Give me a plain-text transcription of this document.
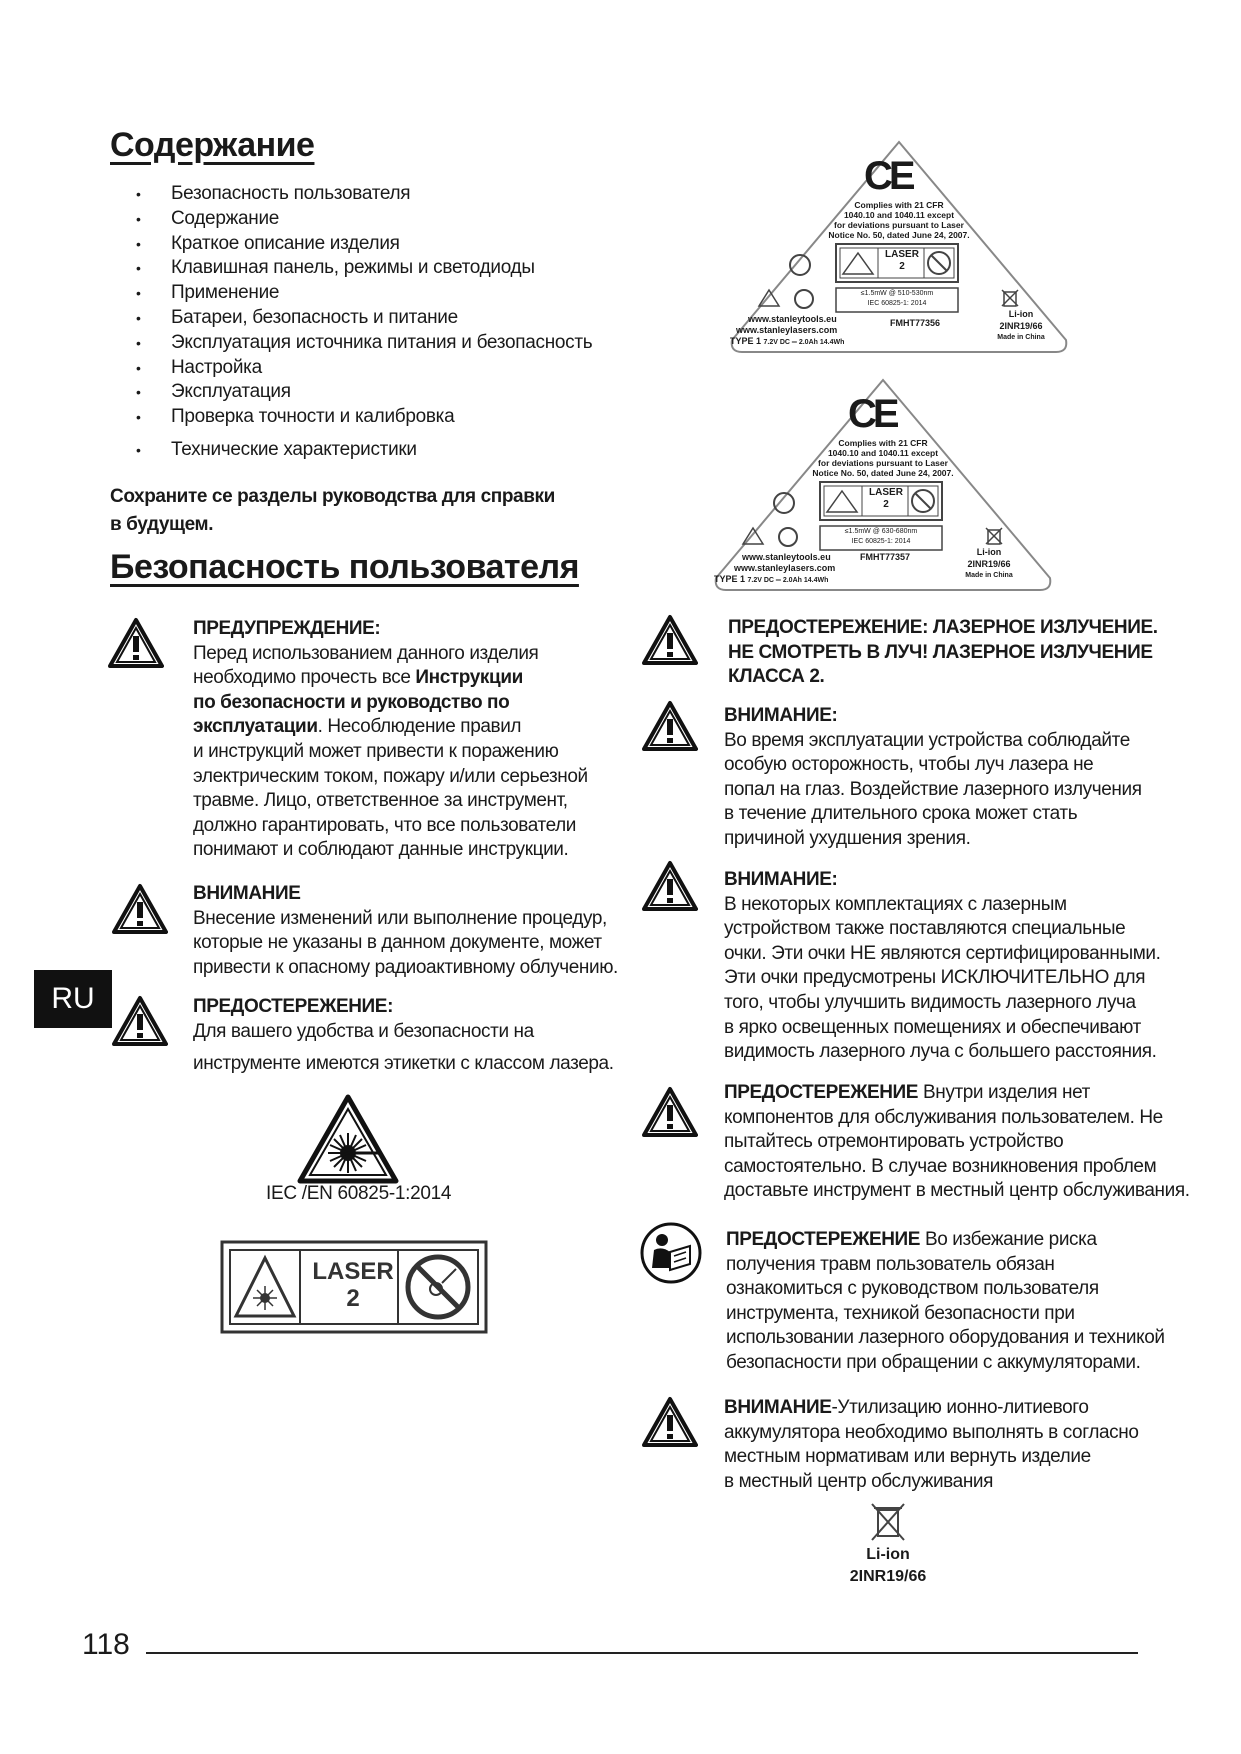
Содержание
• Безопасность пользователя
• Содержание
• Краткое описание изделия
• Клавишная панель, режимы и светодиоды
• Применение
• Батареи, безопасность и питание
• Эксплуатация источника питания и безопасность
• Настройка
• Эксплуатация
• Проверка точности и калибровка
• Технические характеристики
Сохраните се разделы руководства для справки
в будущем.
Безопасность пользователя
ПРЕДУПРЕЖДЕНИЕ:
Перед использованием данного изделия
необходимо прочесть все Инструкции
по безопасности и руководство по
эксплуатации. Несоблюдение правил
и инструкций может привести к поражению
электрическим током, пожару и/или серьезной
травме. Лицо, ответственное за инструмент,
должно гарантировать, что все пользователи
понимают и соблюдают данные инструкции.
ВНИМАНИЕ
Внесение изменений или выполнение процедур,
которые не указаны в данном документе, может
привести к опасному радиоактивному облучению.
RU	ПРЕДОСТЕРЕЖЕНИЕ:
Для вашего удобства и безопасности на
инструменте имеются этикетки с классом лазера.
IEC /EN 60825-1:2014
LASER
2
CE
Complies with 21 CFR
1040.10 and 1040.11 except
for deviations pursuant to Laser
Notice No. 50, dated June 24, 2007.
LASER
2
≤1.5mW @ 510-530nm
IEC 60825-1: 2014
www.stanleytools.eu
www.stanleylasers.com
TYPE 1 7.2V DC ═ 2.0Ah 14.4Wh
FMHT77356
Li-ion
2INR19/66
Made in China
CE
Complies with 21 CFR
1040.10 and 1040.11 except
for deviations pursuant to Laser
Notice No. 50, dated June 24, 2007.
LASER
2
≤1.5mW @ 630-680nm
IEC 60825-1: 2014
www.stanleytools.eu
www.stanleylasers.com
TYPE 1 7.2V DC ═ 2.0Ah 14.4Wh
FMHT77357	Li-ion
2INR19/66
Made in China
ПРЕДОСТЕРЕЖЕНИЕ: ЛАЗЕРНОЕ ИЗЛУЧЕНИЕ.
НЕ СМОТРЕТЬ В ЛУЧ! ЛАЗЕРНОЕ ИЗЛУЧЕНИЕ
КЛАССА 2.
ВНИМАНИЕ:
Во время эксплуатации устройства соблюдайте
особую осторожность, чтобы луч лазера не
попал на глаз. Воздействие лазерного излучения
в течение длительного срока может стать
причиной ухудшения зрения.
ВНИМАНИЕ:
В некоторых комплектациях с лазерным
устройством также поставляются специальные
очки. Эти очки НЕ являются сертифицированными.
Эти очки предусмотрены ИСКЛЮЧИТЕЛЬНО для
того, чтобы улучшить видимость лазерного луча
в ярко освещенных помещениях и обеспечивают
видимость лазерного луча с большего расстояния.
ПРЕДОСТЕРЕЖЕНИЕ Внутри изделия нет
компонентов для обслуживания пользователем. Не
пытайтесь отремонтировать устройство
самостоятельно. В случае возникновения проблем
доставьте инструмент в местный центр обслуживания.
ПРЕДОСТЕРЕЖЕНИЕ Во избежание риска
получения травм пользователь обязан
ознакомиться с руководством пользователя
инструмента, техникой безопасности при
использовании лазерного оборудования и техникой
безопасности при обращении с аккумуляторами.
ВНИМАНИЕ-Утилизацию ионно-литиевого
аккумулятора необходимо выполнять в согласно
местным нормативам или вернуть изделие
в местный центр обслуживания
Li-ion
2INR19/66
118
